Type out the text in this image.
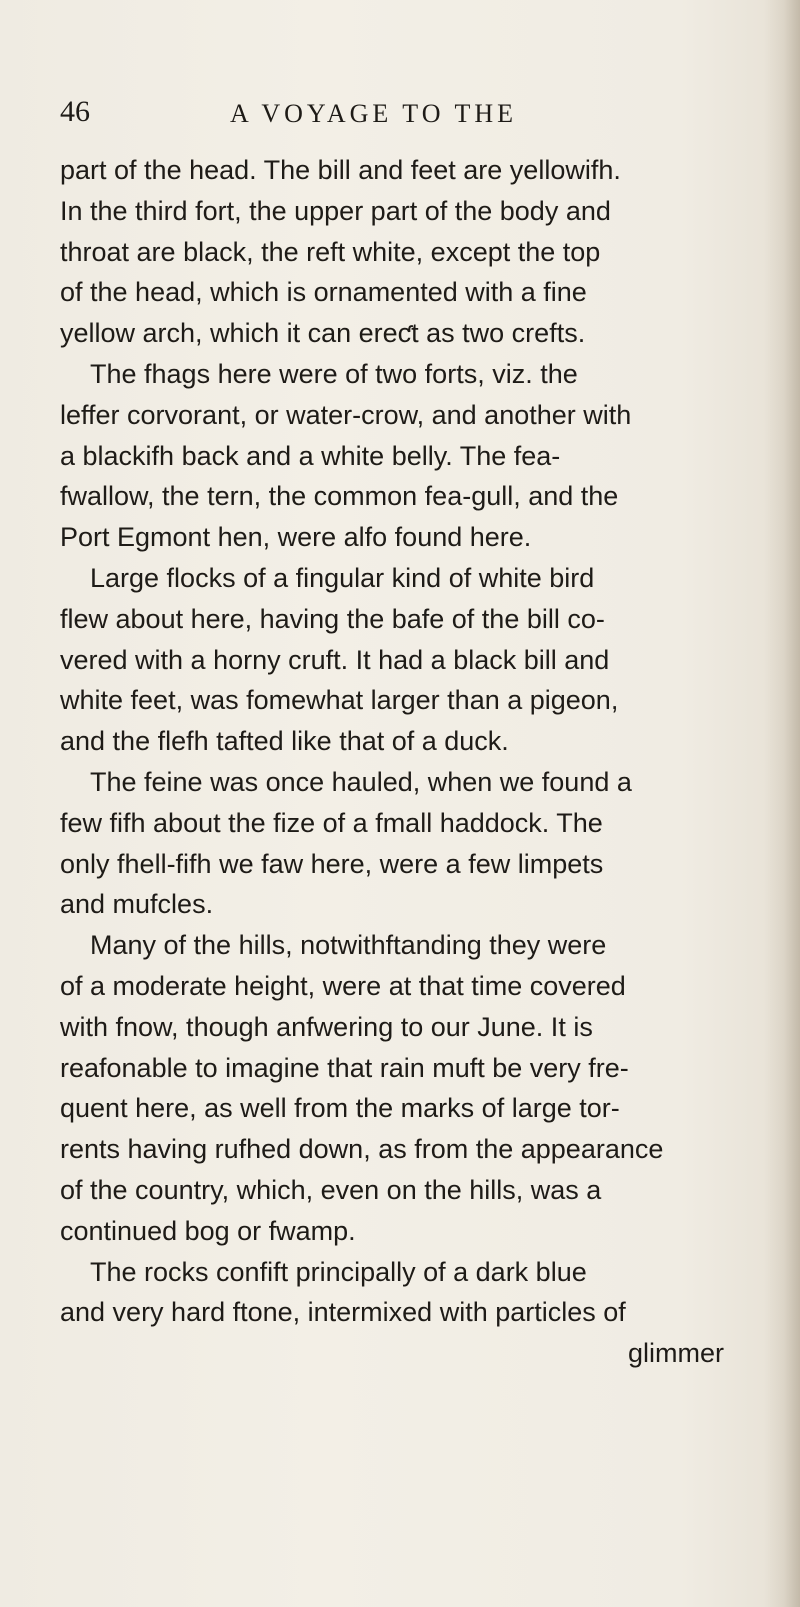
46	A VOYAGE TO THE
part of the head. The bill and feet are yellowifh.
In the third fort, the upper part of the body and
throat are black, the reft white, except the top
of the head, which is ornamented with a fine
yellow arch, which it can ereƈt as two crefts.
The fhags here were of two forts, viz. the
leffer corvorant, or water-crow, and another with
a blackifh back and a white belly. The fea-
fwallow, the tern, the common fea-gull, and the
Port Egmont hen, were alfo found here.
Large flocks of a fingular kind of white bird
flew about here, having the bafe of the bill co-
vered with a horny cruft. It had a black bill and
white feet, was fomewhat larger than a pigeon,
and the flefh tafted like that of a duck.
The feine was once hauled, when we found a
few fifh about the fize of a fmall haddock. The
only fhell-fifh we faw here, were a few limpets
and mufcles.
Many of the hills, notwithftanding they were
of a moderate height, were at that time covered
with fnow, though anfwering to our June. It is
reafonable to imagine that rain muft be very fre-
quent here, as well from the marks of large tor-
rents having rufhed down, as from the appearance
of the country, which, even on the hills, was a
continued bog or fwamp.
The rocks confift principally of a dark blue
and very hard ftone, intermixed with particles of
glimmer
